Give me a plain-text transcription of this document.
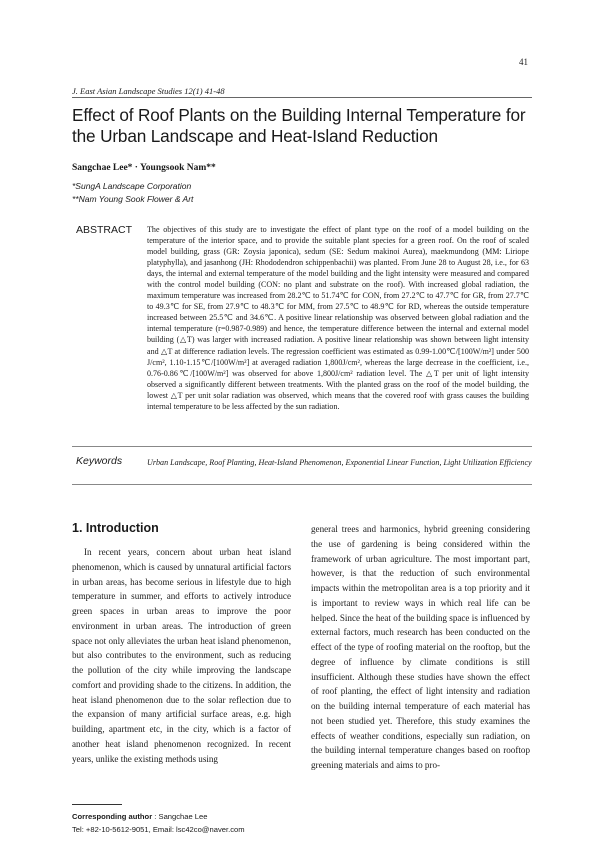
41
J. East Asian Landscape Studies 12(1) 41-48
Effect of Roof Plants on the Building Internal Temperature for the Urban Landscape and Heat-Island Reduction
Sangchae Lee* · Youngsook Nam**
*SungA Landscape Corporation
**Nam Young Sook Flower & Art
ABSTRACT The objectives of this study are to investigate the effect of plant type on the roof of a model building on the temperature of the interior space, and to provide the suitable plant species for a green roof. On the roof of scaled model building, grass (GR: Zoysia japonica), sedum (SE: Sedum makinoi Aurea), maekmundong (MM: Liriope platyphylla), and jasanhong (JH: Rhododendron schippenbachii) was planted. From June 28 to August 28, i.e., for 63 days, the internal and external temperature of the model building and the light intensity were measured and compared with the control model building (CON: no plant and substrate on the roof). With increased global radiation, the maximum temperature was increased from 28.2℃ to 51.74℃ for CON, from 27.2℃ to 47.7℃ for GR, from 27.7℃ to 49.3℃ for SE, from 27.9℃ to 48.3℃ for MM, from 27.5℃ to 48.9℃ for RD, whereas the outside temperature increased between 25.5℃ and 34.6℃. A positive linear relationship was observed between global radiation and the internal temperature (r=0.987-0.989) and hence, the temperature difference between the internal and external model building (△T) was larger with increased radiation. A positive linear relationship was shown between light intensity and △T at difference radiation levels. The regression coefficient was estimated as 0.99-1.00℃/[100W/m²] under 500 J/cm², 1.10-1.15℃/[100W/m²] at averaged radiation 1,800J/cm², whereas the large decrease in the coefficient, i.e., 0.76-0.86℃/[100W/m²] was observed for above 1,800J/cm² radiation level. The △T per unit of light intensity observed a significantly different between treatments. With the planted grass on the roof of the model building, the lowest △T per unit solar radiation was observed, which means that the covered roof with grass causes the building internal temperature to be less affected by the sun radiation.

Keywords	Urban Landscape, Roof Planting, Heat-Island Phenomenon, Exponential Linear Function, Light Utilization Efficiency
1. Introduction
In recent years, concern about urban heat island phenomenon, which is caused by unnatural artificial factors in urban areas, has become serious in lifestyle due to high temperature in summer, and efforts to actively introduce green spaces in urban areas to improve the poor environment in urban areas. The introduction of green space not only alleviates the urban heat island phenomenon, but also contributes to the environment, such as reducing the pollution of the city while improving the landscape comfort and providing shade to the citizens. In addition, the heat island phenomenon due to the solar reflection due to the expansion of many artificial surface areas, e.g. high building, apartment etc, in the city, which is a factor of another heat island phenomenon recognized. In recent years, unlike the existing methods using
general trees and harmonics, hybrid greening considering the use of gardening is being considered within the framework of urban agriculture. The most important part, however, is that the reduction of such environmental impacts within the metropolitan area is a top priority and it is important to review ways in which real life can be helped. Since the heat of the building space is influenced by external factors, much research has been conducted on the effect of the type of roofing material on the rooftop, but the degree of influence by climate conditions is still insufficient. Although these studies have shown the effect of roof planting, the effect of light intensity and radiation on the building internal temperature of each material has not been studied yet. Therefore, this study examines the effects of weather conditions, especially sun radiation, on the building internal temperature changes based on rooftop greening materials and aims to pro-
Corresponding author : Sangchae Lee
Tel: +82-10-5612-9051, Email: lsc42co@naver.com
